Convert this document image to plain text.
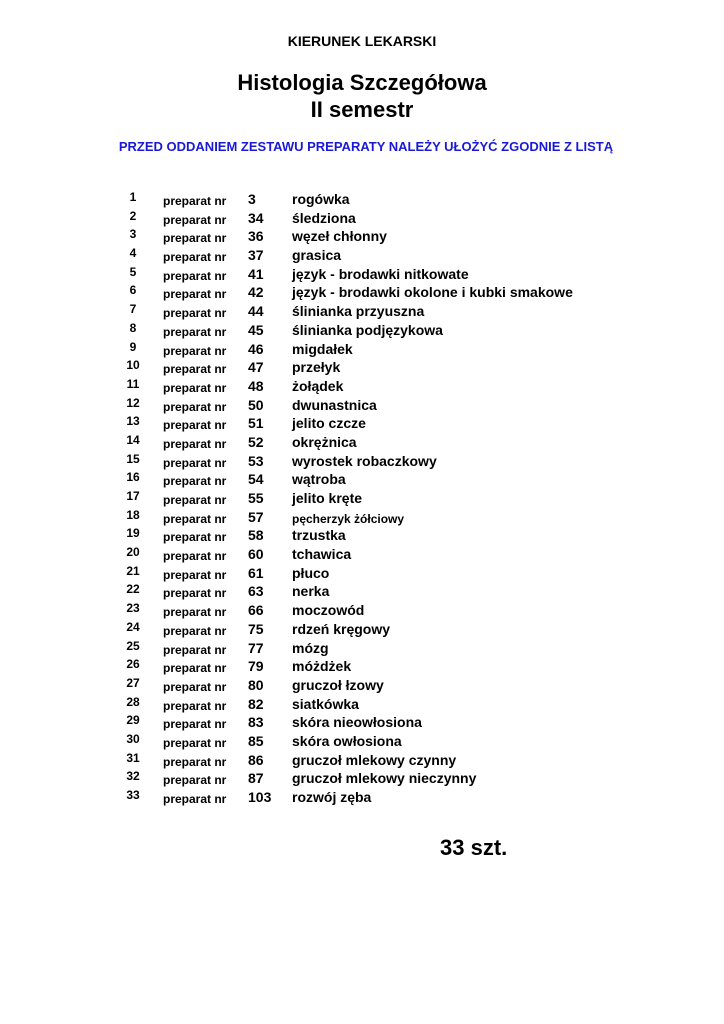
KIERUNEK LEKARSKI
Histologia Szczegółowa
II semestr
PRZED ODDANIEM ZESTAWU PREPARATY NALEŻY UŁOŻYĆ ZGODNIE Z LISTĄ
1	preparat nr 3	rogówka
2	preparat nr 34 śledziona
3	preparat nr 36 węzeł chłonny
4	preparat nr 37 grasica
5	preparat nr 41 język - brodawki nitkowate
6	preparat nr 42 język - brodawki okolone i kubki smakowe
7	preparat nr 44 ślinianka przyuszna
8	preparat nr 45 ślinianka podjęzykowa
9	preparat nr 46 migdałek
10	preparat nr 47 przełyk
11	preparat nr 48 żołądek
12	preparat nr 50 dwunastnica
13	preparat nr 51 jelito czcze
14	preparat nr 52 okrężnica
15	preparat nr 53 wyrostek robaczkowy
16	preparat nr 54 wątroba
17	preparat nr 55 jelito kręte
18	preparat nr 57 pęcherzyk żółciowy
19	preparat nr 58 trzustka
20	preparat nr 60 tchawica
21	preparat nr 61 płuco
22	preparat nr 63 nerka
23	preparat nr 66 moczowód
24	preparat nr 75 rdzeń kręgowy
25	preparat nr 77 mózg
26	preparat nr 79 móżdżek
27	preparat nr 80 gruczoł łzowy
28	preparat nr 82 siatkówka
29	preparat nr 83 skóra nieowłosiona
30	preparat nr 85 skóra owłosiona
31	preparat nr 86 gruczoł mlekowy czynny
32	preparat nr 87 gruczoł mlekowy nieczynny
33	preparat nr 103 rozwój zęba
33 szt.
